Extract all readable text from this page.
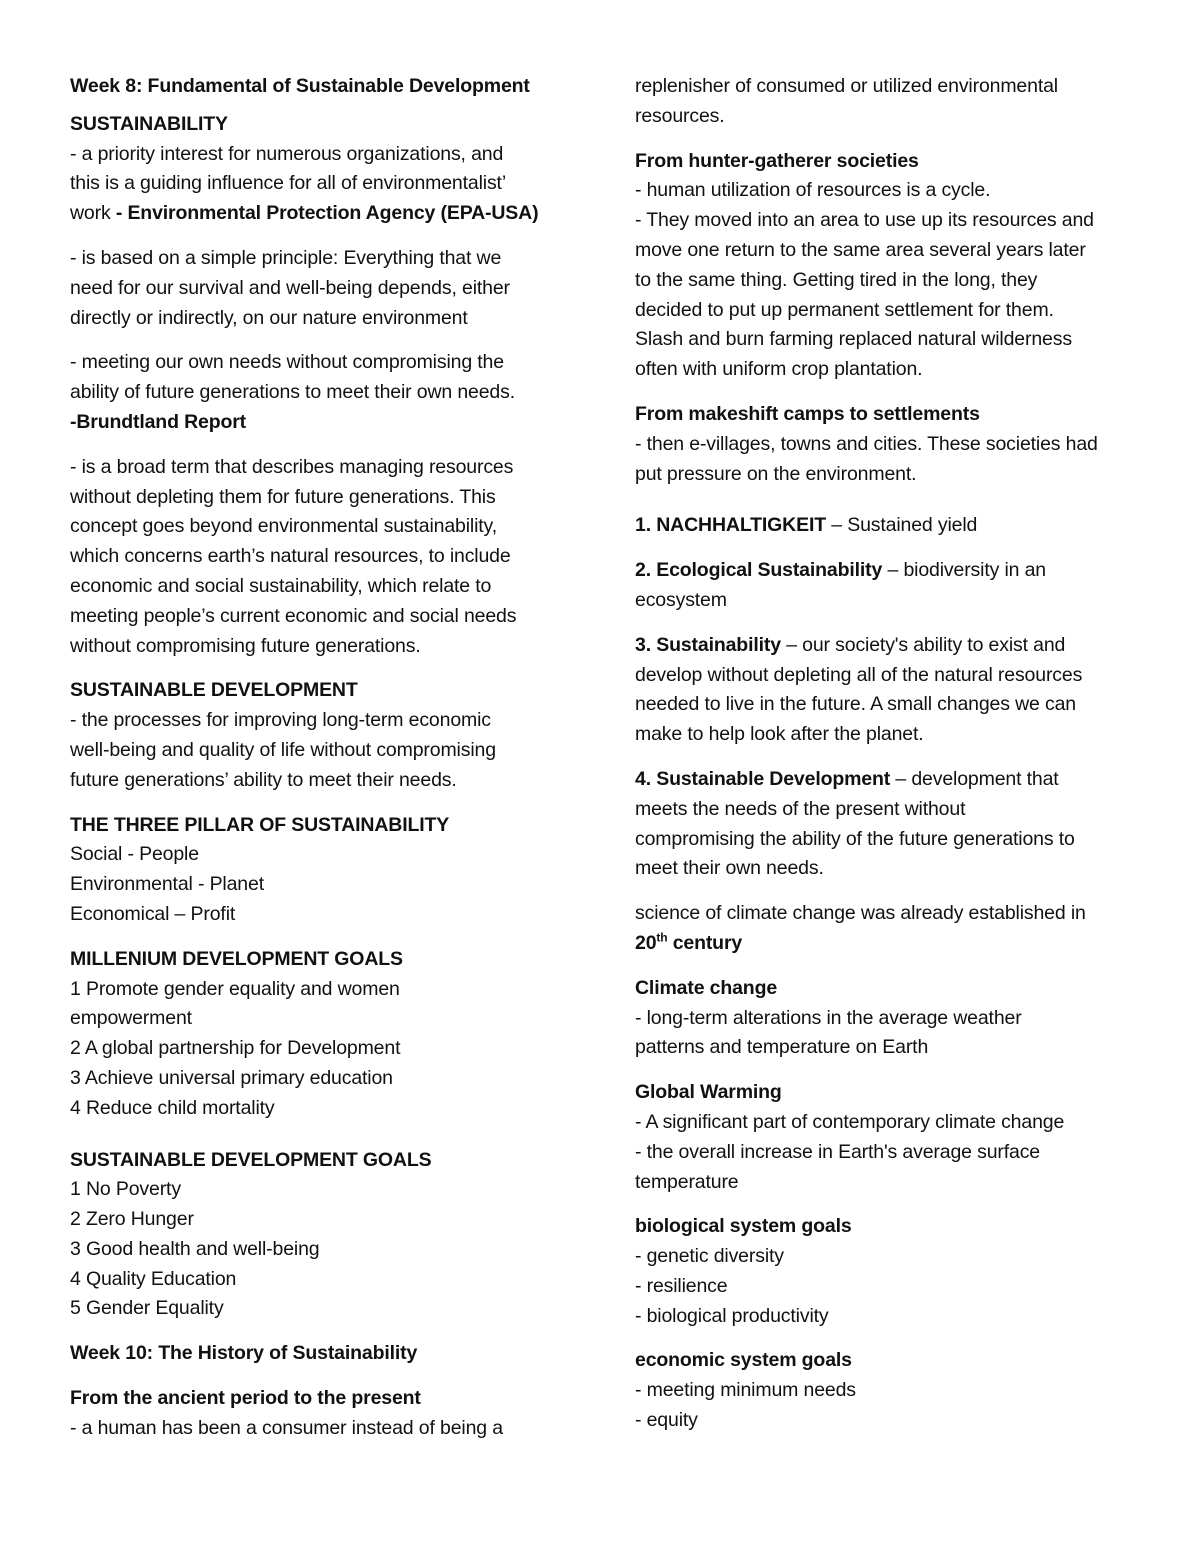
Week 8: Fundamental of Sustainable Development
SUSTAINABILITY
- a priority interest for numerous organizations, and
this is a guiding influence for all of environmentalist’
work - Environmental Protection Agency (EPA-USA)
- is based on a simple principle: Everything that we
need for our survival and well-being depends, either
directly or indirectly, on our nature environment
- meeting our own needs without compromising the
ability of future generations to meet their own needs.
-Brundtland Report
- is a broad term that describes managing resources
without depleting them for future generations. This
concept goes beyond environmental sustainability,
which concerns earth’s natural resources, to include
economic and social sustainability, which relate to
meeting people’s current economic and social needs
without compromising future generations.
SUSTAINABLE DEVELOPMENT
- the processes for improving long-term economic
well-being and quality of life without compromising
future generations’ ability to meet their needs.
THE THREE PILLAR OF SUSTAINABILITY
Social - People
Environmental - Planet
Economical – Profit
MILLENIUM DEVELOPMENT GOALS
1 Promote gender equality and women
empowerment
2 A global partnership for Development
3 Achieve universal primary education
4 Reduce child mortality
SUSTAINABLE DEVELOPMENT GOALS
1 No Poverty
2 Zero Hunger
3 Good health and well-being
4 Quality Education
5 Gender Equality
Week 10: The History of Sustainability
From the ancient period to the present
- a human has been a consumer instead of being a
replenisher of consumed or utilized environmental
resources.
From hunter-gatherer societies
- human utilization of resources is a cycle.
- They moved into an area to use up its resources and
move one return to the same area several years later
to the same thing. Getting tired in the long, they
decided to put up permanent settlement for them.
Slash and burn farming replaced natural wilderness
often with uniform crop plantation.
From makeshift camps to settlements
- then e-villages, towns and cities. These societies had
put pressure on the environment.
1. NACHHALTIGKEIT – Sustained yield
2. Ecological Sustainability – biodiversity in an
ecosystem
3. Sustainability – our society's ability to exist and
develop without depleting all of the natural resources
needed to live in the future. A small changes we can
make to help look after the planet.
4. Sustainable Development – development that
meets the needs of the present without
compromising the ability of the future generations to
meet their own needs.
science of climate change was already established in
20th century
Climate change
- long-term alterations in the average weather
patterns and temperature on Earth
Global Warming
- A significant part of contemporary climate change
- the overall increase in Earth's average surface
temperature
biological system goals
- genetic diversity
- resilience
- biological productivity
economic system goals
- meeting minimum needs
- equity
